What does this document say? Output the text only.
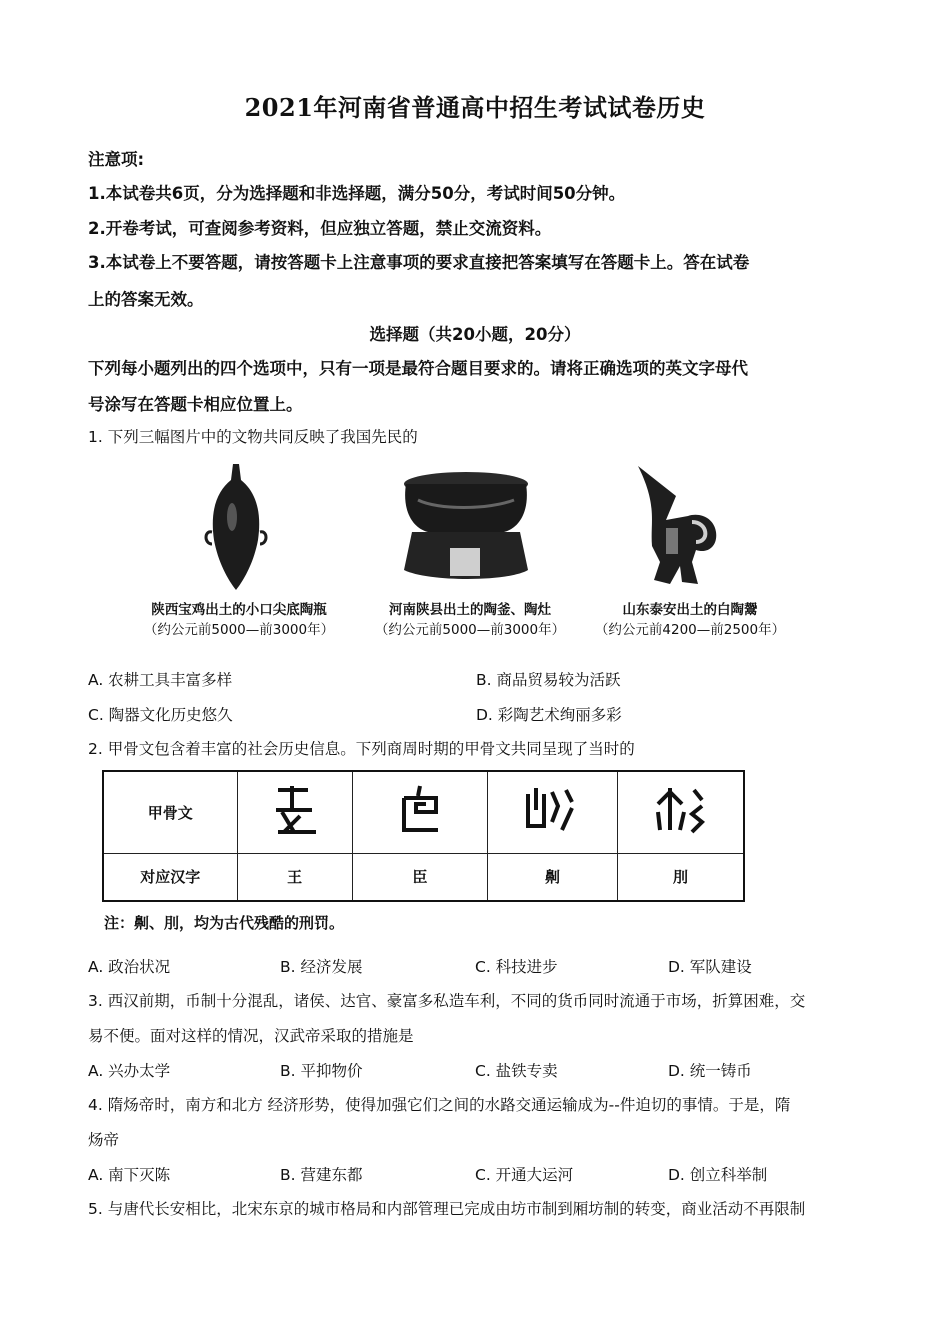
2021年河南省普通高中招生考试试卷历史
注意项:
1.本试卷共6页，分为选择题和非选择题，满分50分，考试时间50分钟。
2.开卷考试，可查阅参考资料，但应独立答题，禁止交流资料。
3.本试卷上不要答题，请按答题卡上注意事项的要求直接把答案填写在答题卡上。答在试卷
上的答案无效。
选择题（共20小题，20分）
下列每小题列出的四个选项中，只有一项是最符合题目要求的。请将正确选项的英文字母代
号涂写在答题卡相应位置上。
1. 下列三幅图片中的文物共同反映了我国先民的
陕西宝鸡出土的小口尖底陶瓶
（约公元前5000—前3000年）
河南陕县出土的陶釜、陶灶
（约公元前5000—前3000年）
山东泰安出土的白陶鬶
（约公元前4200—前2500年）
A. 农耕工具丰富多样	B. 商品贸易较为活跃
C. 陶器文化历史悠久	D. 彩陶艺术绚丽多彩
2. 甲骨文包含着丰富的社会历史信息。下列商周时期的甲骨文共同呈现了当时的
甲骨文				
对应汉字	王	臣	劓	刖
注：劓、刖，均为古代残酷的刑罚。
A. 政治状况	B. 经济发展	C. 科技进步	D. 军队建设
3. 西汉前期，币制十分混乱，诸侯、达官、豪富多私造车利，不同的货币同时流通于市场，折算困难，交
易不便。面对这样的情况，汉武帝采取的措施是
A. 兴办太学	B. 平抑物价	C. 盐铁专卖	D. 统一铸币
4. 隋炀帝时，南方和北方 经济形势，使得加强它们之间的水路交通运输成为--件迫切的事情。于是，隋
炀帝
A. 南下灭陈	B. 营建东都	C. 开通大运河	D. 创立科举制
5. 与唐代长安相比，北宋东京的城市格局和内部管理已完成由坊市制到厢坊制的转变，商业活动不再限制
